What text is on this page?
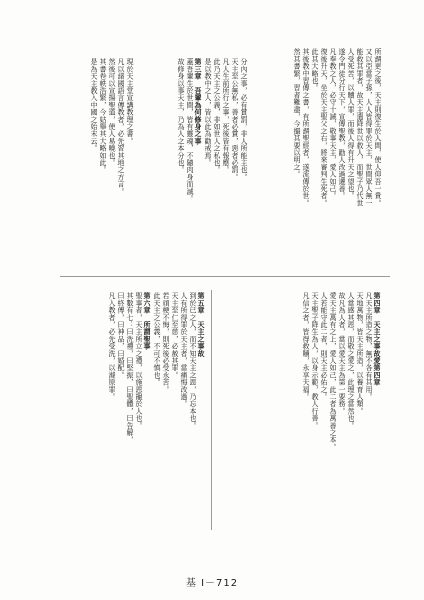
所謂更之後，天主則復生於人間，使人仰吾一貴。
又以亞當子孫，人人皆得罪於天主，世間眾人無一
能救其罪者，故天主遣降世以救人，而聖子乃代世
人受死苦，以贖人罪，而後人得有升天之望也。
遂令門徒分行天下，宣傳聖教，勸人改過遷善。
凡奉教之人，必守十誡，敬事天主，愛人如己。
復後升天，坐於天主聖父之右，將來審判生死者。
此其大略也。
其後教中習傳之書，有所謂聖經者，遂流傳於世。
然其書繁，習者難盡，今撮其要以明之。
分內之事，必有賞罰，非人所能主也。
天主至公無私，善者必賞，惡者必罰。
凡人生前所行之事，死後皆有報應。
此乃天主之公義，非如世人之私也。
是以教中之人，皆以此為勸戒焉。
第三章　吾輩為何修身之事
蓋吾輩生於世間，皆有靈魂，不隨肉身而滅。
故修身以事天主，乃為人之本分也。
現於天主堂宣講教理之書。
凡以諸國語言傳教者，必先習其地之方言。
然後可以宣揚聖道，使人易曉也。
其書卷帙浩繁，今姑舉其大略如此。
是為天主教入中國之始末云。
第四章　天主之事故愛第四章
凡天主所造之物，無不各有其用。
天地萬物，皆天主所造，以養育人類。
人當感其恩，而敬之愛之，此理之當然也。
故凡為人者，當以愛天主為第一要務。
愛天主萬有之上，愛人如己，此二者為萬善之本。
人若能守此二者，則天主必佑之。
天主聖子降生為人，以身示範，教人行善。
凡信之者，皆得救贖，永享天福。
第五章　天主之事故
到於已之人，而不知天主之恩，乃忘本也。
人有所得罪於天主者，當痛悔改過。
天主至仁至慈，必赦其罪。
若頑梗不悔，則死後必受永苦。
此天主之公義，不可不慎也。
第六章　所謂聖事
聖事者，天主所立之禮，以施恩寵於人也。
其數有七：曰洗禮，曰堅振，曰聖體，曰告解，
曰終傅，曰神品，曰婚配。
凡入教者，必先受洗，以滌原罪。
基 I－712
